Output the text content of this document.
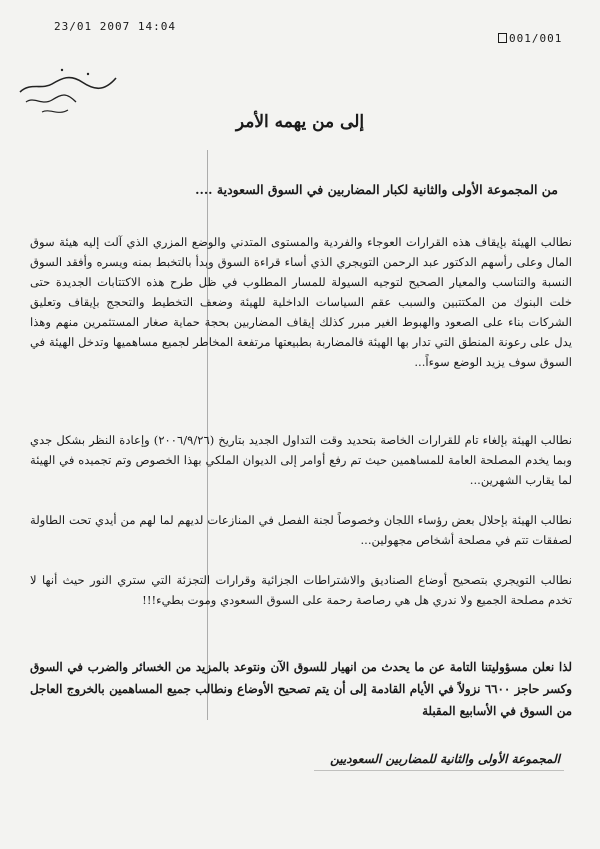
23/01 2007 14:04
001/001
إلى من يهمه الأمر
من المجموعة الأولى والثانية لكبار المضاربين في السوق السعودية ....
نطالب الهيئة بإيقاف هذه القرارات العوجاء والفردية والمستوى المتدني والوضع المزري الذي آلت إليه هيئة سوق المال وعلى رأسهم الدكتور عبد الرحمن التويجري الذي أساء قراءة السوق وبدأ بالتخبط بمنه ويسره وأفقد السوق النسبة والتناسب والمعيار الصحيح لتوجيه السيولة للمسار المطلوب في ظل طرح هذه الاكتتابات الجديدة حتى خلت البنوك من المكتتبين والسبب عقم السياسات الداخلية للهيئة وضعف التخطيط والتحجج بإيقاف وتعليق الشركات بناء على الصعود والهبوط الغير مبرر كذلك إيقاف المضاربين بحجة حماية صغار المستثمرين منهم وهذا يدل على رعونة المنطق التي تدار بها الهيئة فالمضاربة بطبيعتها مرتفعة المخاطر لجميع مساهميها وتدخل الهيئة في السوق سوف يزيد الوضع سوءاً...
نطالب الهيئة بإلغاء تام للقرارات الخاصة بتحديد وقت التداول الجديد بتاريخ (٢٠٠٦/٩/٢٦) وإعادة النظر بشكل جدي وبما يخدم المصلحة العامة للمساهمين حيث تم رفع أوامر إلى الديوان الملكي بهذا الخصوص وتم تجميده في الهيئة لما يقارب الشهرين...
نطالب الهيئة بإحلال بعض رؤساء اللجان وخصوصاً لجنة الفصل في المنازعات لديهم لما لهم من أيدي تحت الطاولة لصفقات تتم في مصلحة أشخاص مجهولين...
نطالب التويجري بتصحيح أوضاع الصناديق والاشتراطات الجزائية وقرارات التجزئة التي ستري النور حيث أنها لا تخدم مصلحة الجميع ولا ندري هل هي رصاصة رحمة على السوق السعودي وموت بطيء!!!
لذا نعلن مسؤوليتنا التامة عن ما يحدث من انهيار للسوق الآن ونتوعد بالمزيد من الخسائر والضرب في السوق وكسر حاجز ٦٦٠٠ نزولاً في الأيام القادمة إلى أن يتم تصحيح الأوضاع ونطالب جميع المساهمين بالخروج العاجل من السوق في الأسابيع المقبلة
المجموعة الأولى والثانية للمضاربين السعوديين
